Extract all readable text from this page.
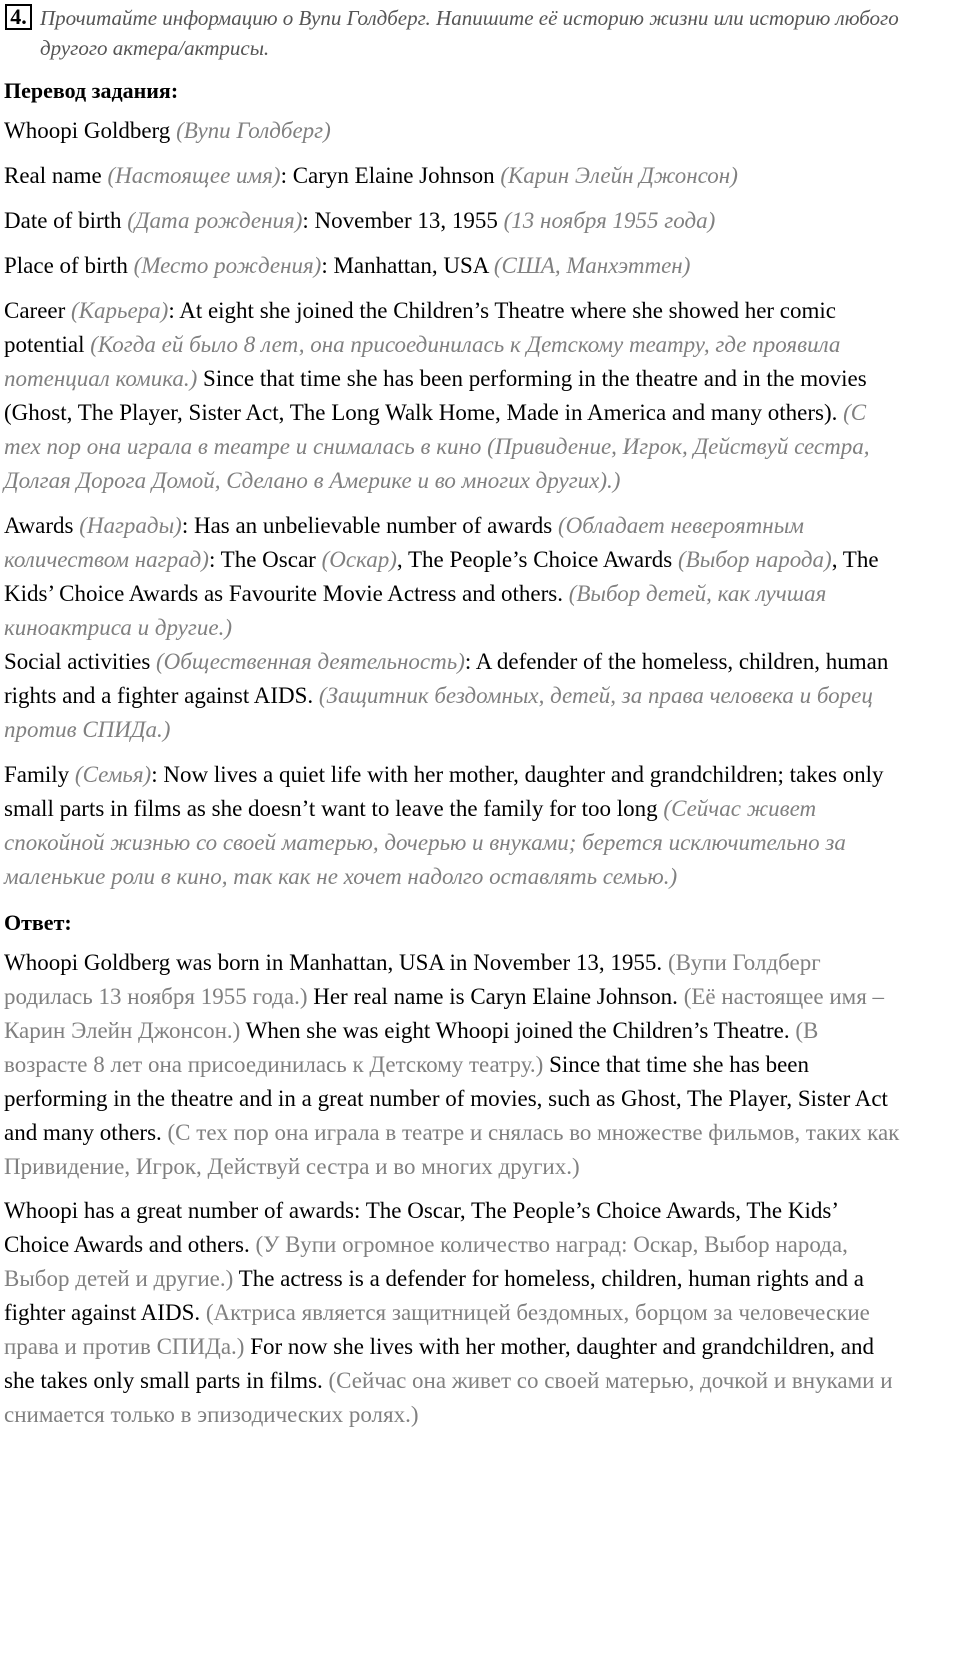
4. Прочитайте информацию о Вупи Голдберг. Напишите её историю жизни или историю любого другого актера/актрисы.
Перевод задания:

Whoopi Goldberg (Вупи Голдберг)

Real name (Настоящее имя): Caryn Elaine Johnson (Карин Элейн Джонсон)

Date of birth (Дата рождения): November 13, 1955 (13 ноября 1955 года)

Place of birth (Место рождения): Manhattan, USA (США, Манхэттен)

Career (Карьера): At eight she joined the Children’s Theatre where she showed her comic potential (Когда ей было 8 лет, она присоединилась к Детскому театру, где проявила потенциал комика.) Since that time she has been performing in the theatre and in the movies (Ghost, The Player, Sister Act, The Long Walk Home, Made in America and many others). (С тех пор она играла в театре и снималась в кино (Привидение, Игрок, Действуй сестра, Долгая Дорога Домой, Сделано в Америке и во многих других).)

Awards (Награды): Has an unbelievable number of awards (Обладает невероятным количеством наград): The Oscar (Оскар), The People’s Choice Awards (Выбор народа), The Kids’ Choice Awards as Favourite Movie Actress and others. (Выбор детей, как лучшая киноактриса и другие.)

Social activities (Общественная деятельность): A defender of the homeless, children, human rights and a fighter against AIDS. (Защитник бездомных, детей, за права человека и борец против СПИДа.)

Family (Семья): Now lives a quiet life with her mother, daughter and grandchildren; takes only small parts in films as she doesn’t want to leave the family for too long (Сейчас живет спокойной жизнью со своей матерью, дочерью и внуками; берется исключительно за маленькие роли в кино, так как не хочет надолго оставлять семью.)

Ответ:

Whoopi Goldberg was born in Manhattan, USA in November 13, 1955. (Вупи Голдберг родилась 13 ноября 1955 года.) Her real name is Caryn Elaine Johnson. (Её настоящее имя – Карин Элейн Джонсон.) When she was eight Whoopi joined the Children’s Theatre. (В возрасте 8 лет она присоединилась к Детскому театру.) Since that time she has been performing in the theatre and in a great number of movies, such as Ghost, The Player, Sister Act and many others. (С тех пор она играла в театре и снялась во множестве фильмов, таких как Привидение, Игрок, Действуй сестра и во многих других.)

Whoopi has a great number of awards: The Oscar, The People’s Choice Awards, The Kids’ Choice Awards and others. (У Вупи огромное количество наград: Оскар, Выбор народа, Выбор детей и другие.) The actress is a defender for homeless, children, human rights and a fighter against AIDS. (Актриса является защитницей бездомных, борцом за человеческие права и против СПИДа.) For now she lives with her mother, daughter and grandchildren, and she takes only small parts in films. (Сейчас она живет со своей матерью, дочкой и внуками и снимается только в эпизодических ролях.)
